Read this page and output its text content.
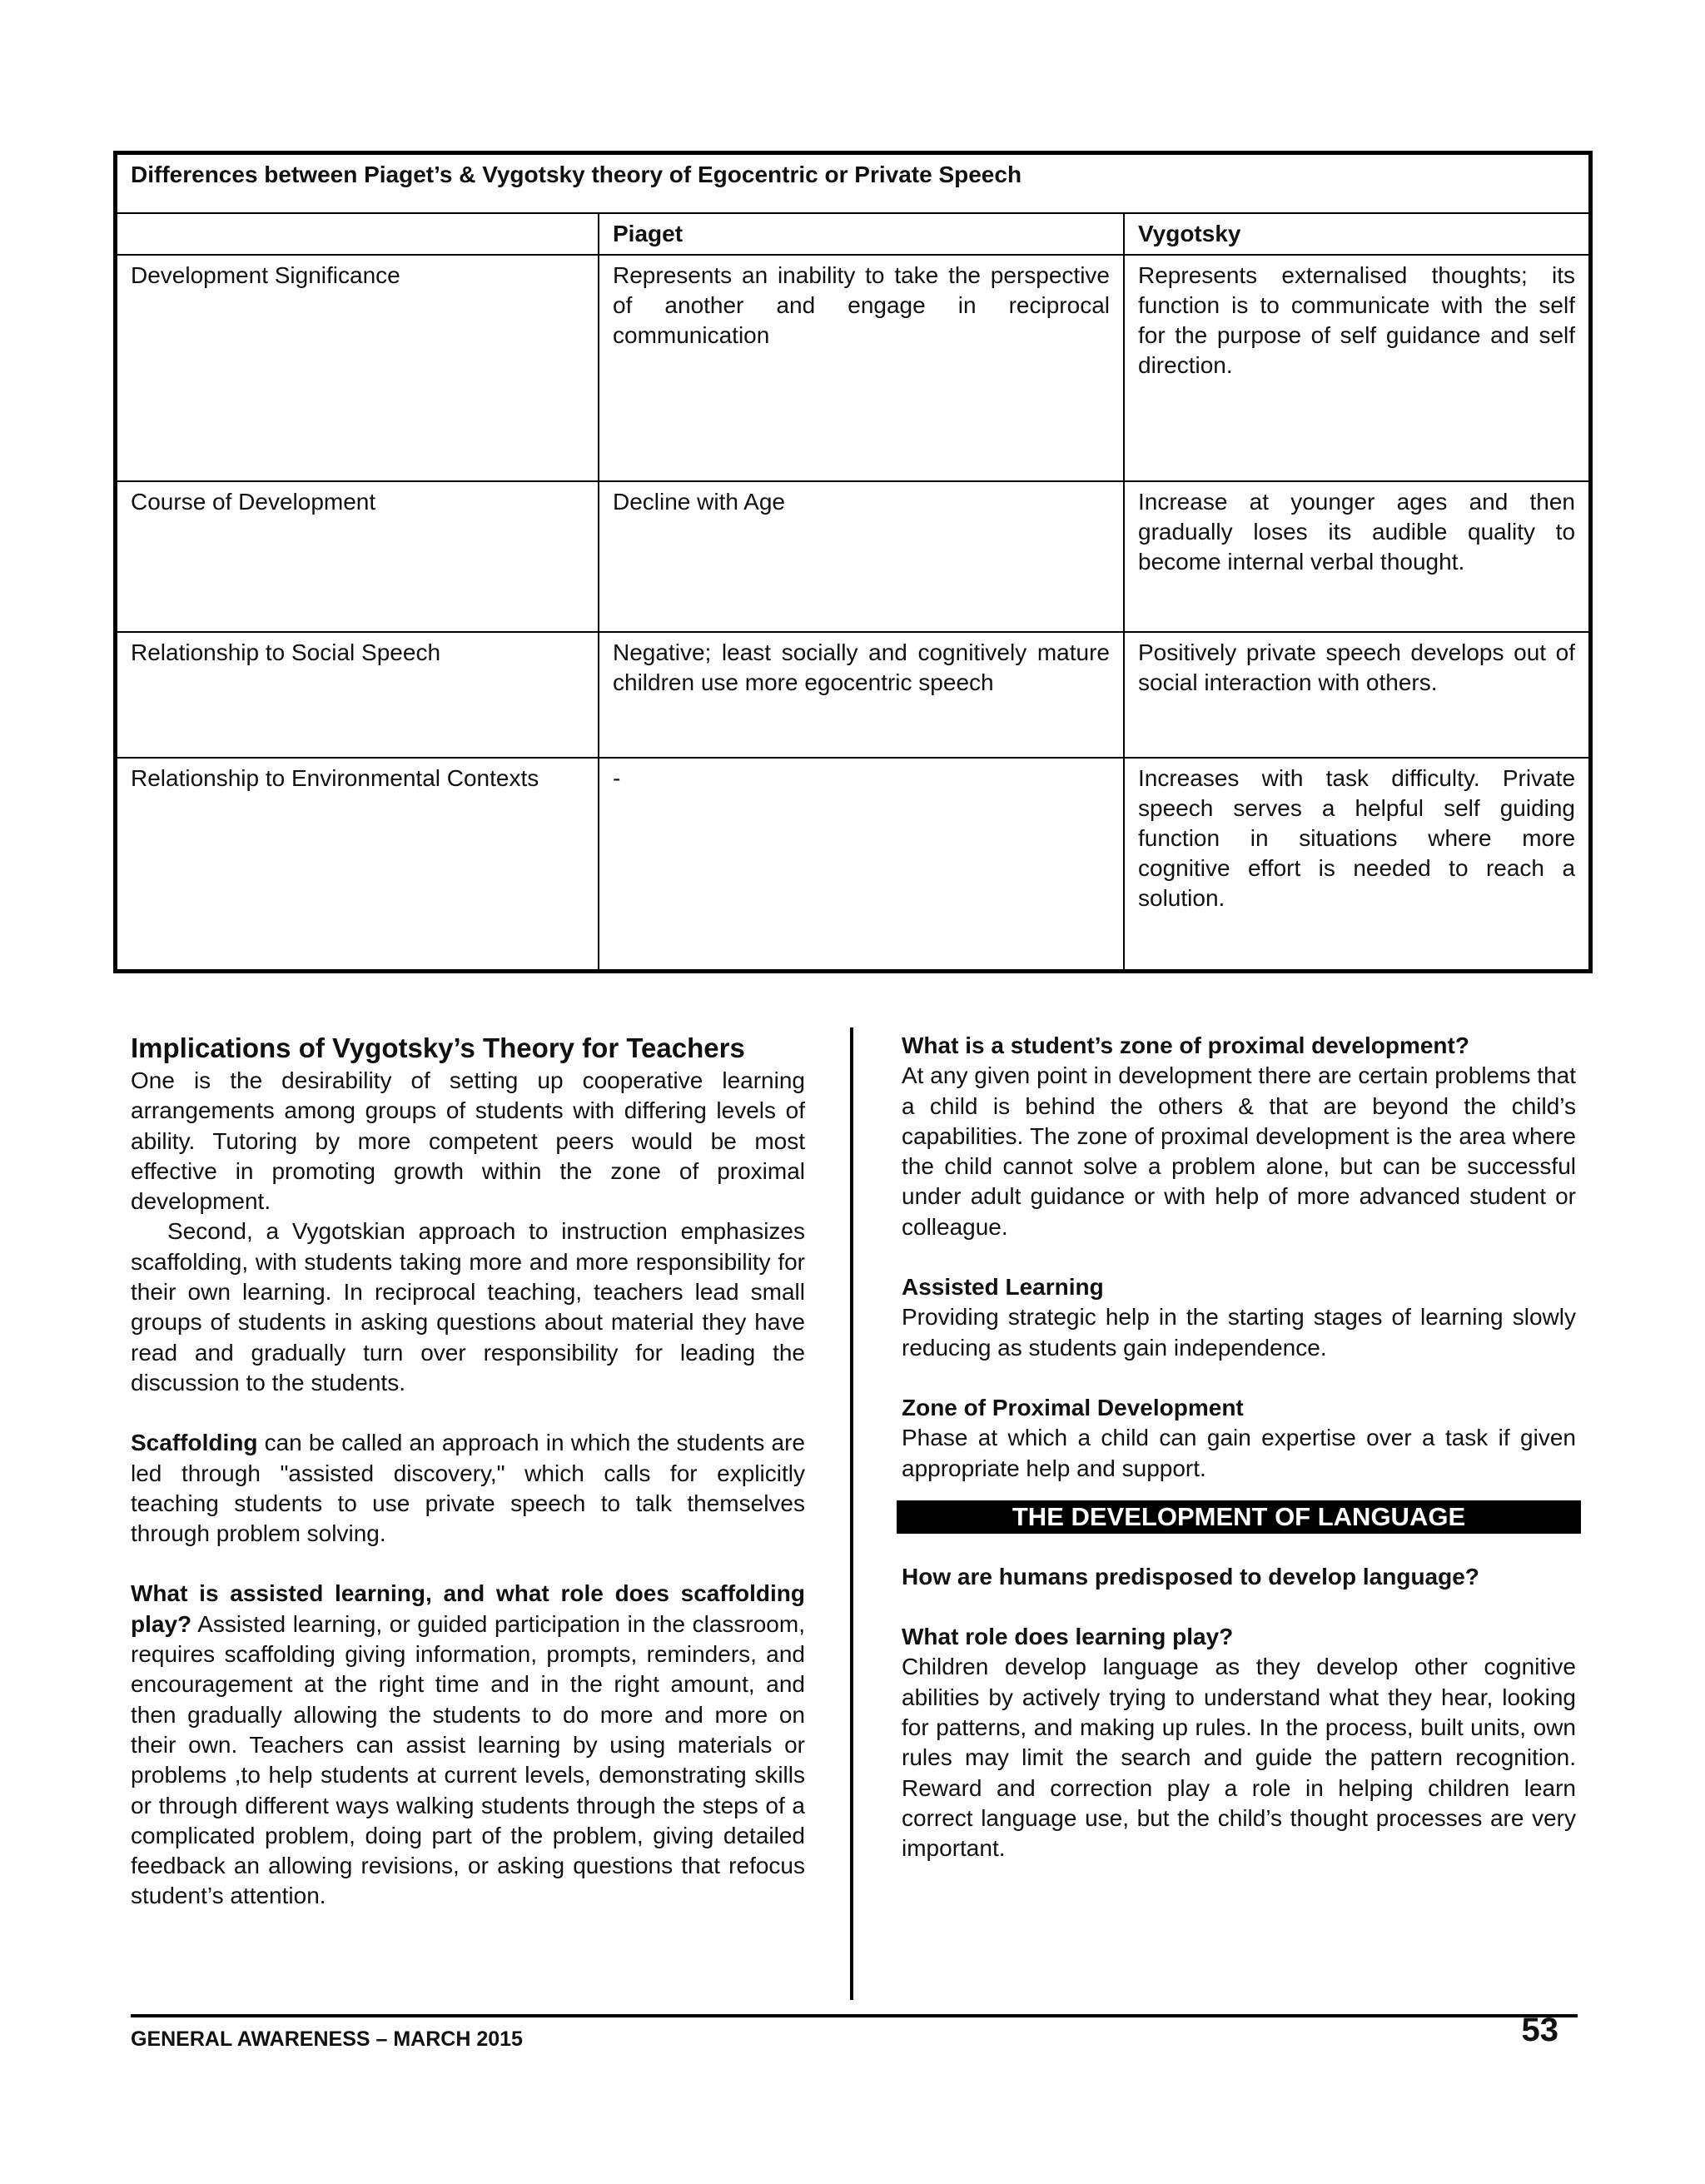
Differences between Piaget’s & Vygotsky theory of Egocentric or Private Speech		
	Piaget	Vygotsky
Development Significance	Represents an inability to take the perspective of another and engage in reciprocal communication	Represents externalised thoughts; its function is to communicate with the self for the purpose of self guidance and self direction.
Course of Development	Decline with Age	Increase at younger ages and then gradually loses its audible quality to become internal verbal thought.
Relationship to Social Speech	Negative; least socially and cognitively mature children use more egocentric speech	Positively private speech develops out of social interaction with others.
Relationship to Environmental Contexts	-	Increases with task difficulty. Private speech serves a helpful self guiding function in situations where more cognitive effort is needed to reach a solution.

Implications of Vygotsky’s Theory for Teachers

One is the desirability of setting up cooperative learning arrangements among groups of students with differing levels of ability. Tutoring by more competent peers would be most effective in promoting growth within the zone of proximal development.

Second, a Vygotskian approach to instruction emphasizes scaffolding, with students taking more and more responsibility for their own learning. In reciprocal teaching, teachers lead small groups of students in asking questions about material they have read and gradually turn over responsibility for leading the discussion to the students.

Scaffolding can be called an approach in which the students are led through "assisted discovery," which calls for explicitly teaching students to use private speech to talk themselves through problem solving.

What is assisted learning, and what role does scaffolding play? Assisted learning, or guided participation in the classroom, requires scaffolding giving information, prompts, reminders, and encouragement at the right time and in the right amount, and then gradually allowing the students to do more and more on their own. Teachers can assist learning by using materials or problems ,to help students at current levels, demonstrating skills or through different ways walking students through the steps of a complicated problem, doing part of the problem, giving detailed feedback an allowing revisions, or asking questions that refocus student’s attention.

What is a student’s zone of proximal development?

At any given point in development there are certain problems that a child is behind the others & that are beyond the child’s capabilities. The zone of proximal development is the area where the child cannot solve a problem alone, but can be successful under adult guidance or with help of more advanced student or colleague.

Assisted Learning

Providing strategic help in the starting stages of learning slowly reducing as students gain independence.

Zone of Proximal Development

Phase at which a child can gain expertise over a task if given appropriate help and support.

THE DEVELOPMENT OF LANGUAGE

How are humans predisposed to develop language?

What role does learning play?

Children develop language as they develop other cognitive abilities by actively trying to understand what they hear, looking for patterns, and making up rules. In the process, built units, own rules may limit the search and guide the pattern recognition. Reward and correction play a role in helping children learn correct language use, but the child’s thought processes are very important.

GENERAL AWARENESS – MARCH 2015	53
